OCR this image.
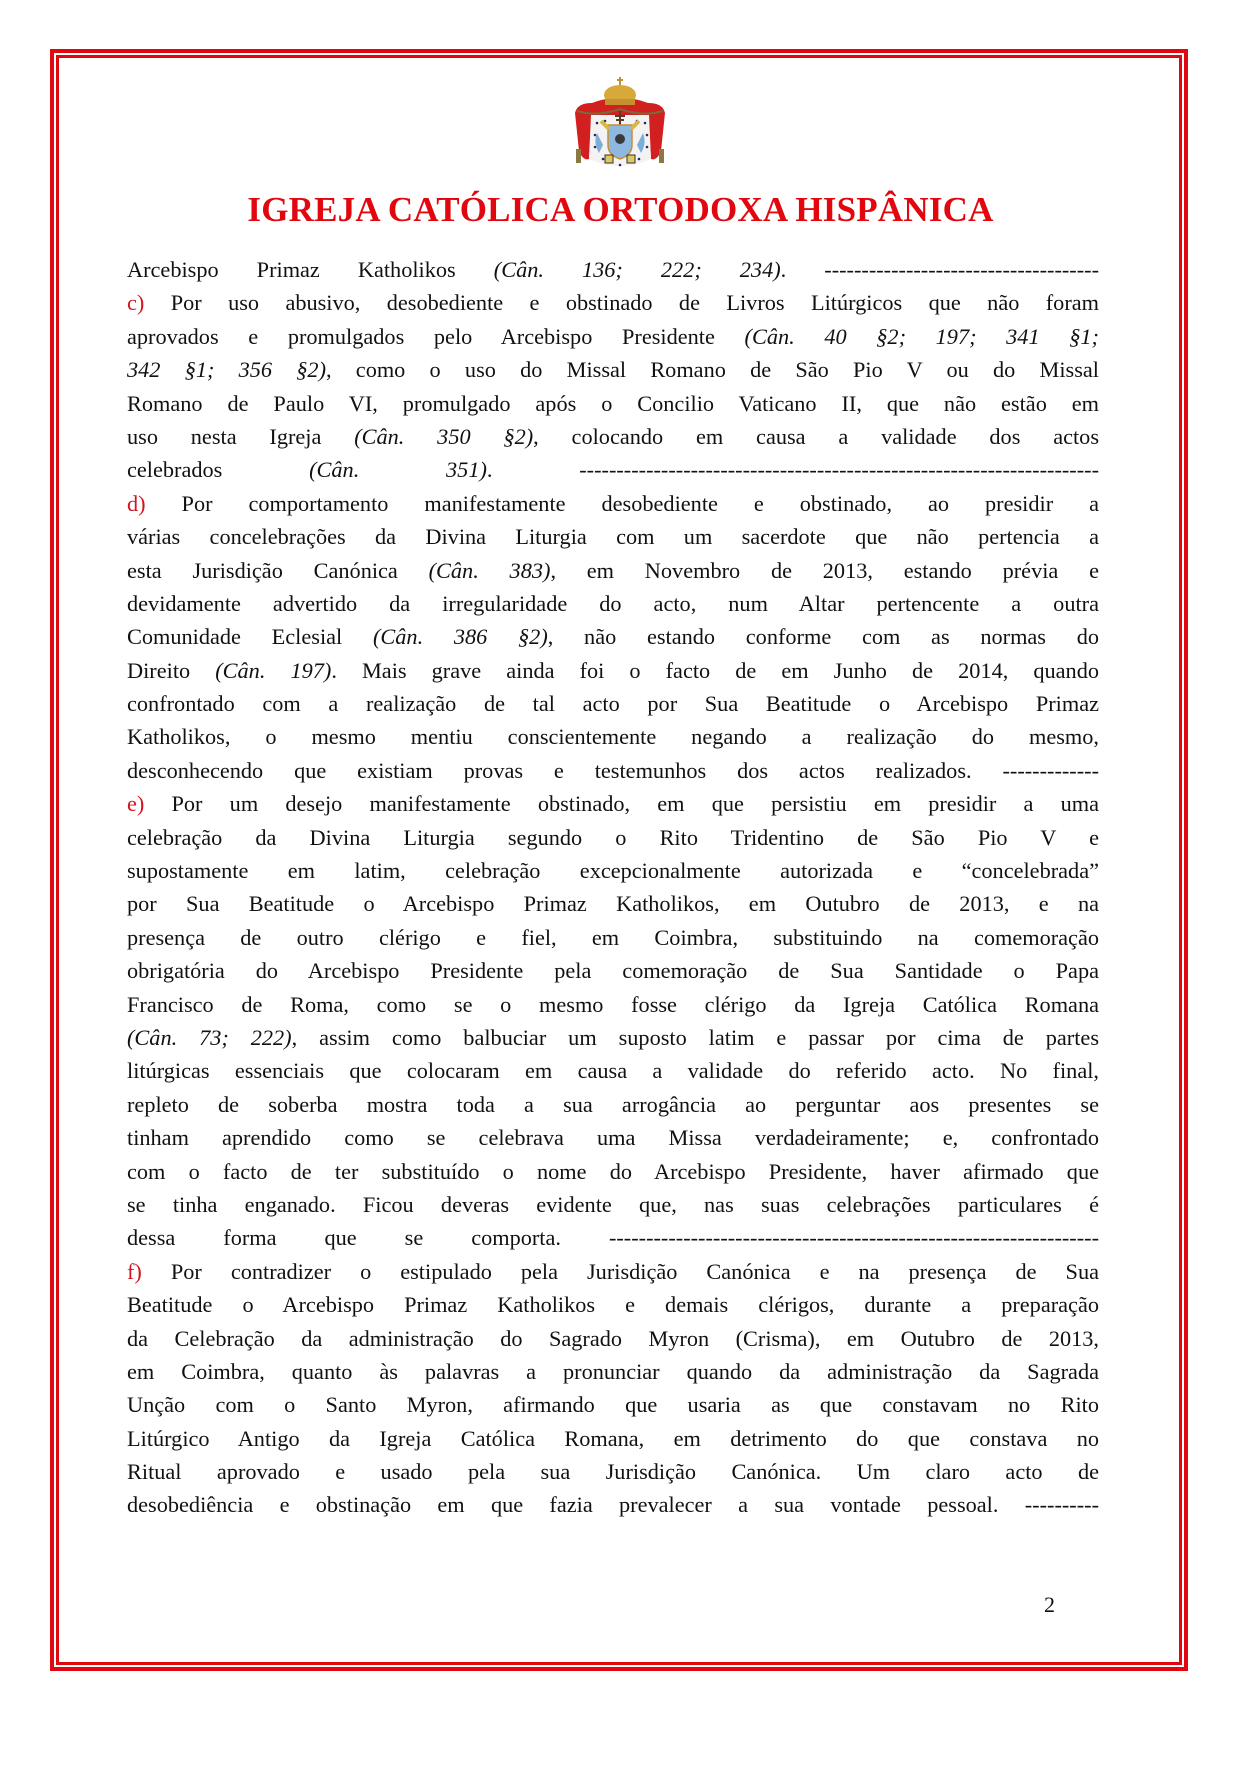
IGREJA CATÓLICA ORTODOXA HISPÂNICA
Arcebispo Primaz Katholikos (Cân. 136; 222; 234). -------------------------------------
c) Por uso abusivo, desobediente e obstinado de Livros Litúrgicos que não foram
aprovados e promulgados pelo Arcebispo Presidente (Cân. 40 §2; 197; 341 §1;
342 §1; 356 §2), como o uso do Missal Romano de São Pio V ou do Missal
Romano de Paulo VI, promulgado após o Concilio Vaticano II, que não estão em
uso nesta Igreja (Cân. 350 §2), colocando em causa a validade dos actos
celebrados (Cân. 351). ----------------------------------------------------------------------
d) Por comportamento manifestamente desobediente e obstinado, ao presidir a
várias concelebrações da Divina Liturgia com um sacerdote que não pertencia a
esta Jurisdição Canónica (Cân. 383), em Novembro de 2013, estando prévia e
devidamente advertido da irregularidade do acto, num Altar pertencente a outra
Comunidade Eclesial (Cân. 386 §2), não estando conforme com as normas do
Direito (Cân. 197). Mais grave ainda foi o facto de em Junho de 2014, quando
confrontado com a realização de tal acto por Sua Beatitude o Arcebispo Primaz
Katholikos, o mesmo mentiu conscientemente negando a realização do mesmo,
desconhecendo que existiam provas e testemunhos dos actos realizados. -------------
e) Por um desejo manifestamente obstinado, em que persistiu em presidir a uma
celebração da Divina Liturgia segundo o Rito Tridentino de São Pio V e
supostamente em latim, celebração excepcionalmente autorizada e “concelebrada”
por Sua Beatitude o Arcebispo Primaz Katholikos, em Outubro de 2013, e na
presença de outro clérigo e fiel, em Coimbra, substituindo na comemoração
obrigatória do Arcebispo Presidente pela comemoração de Sua Santidade o Papa
Francisco de Roma, como se o mesmo fosse clérigo da Igreja Católica Romana
(Cân. 73; 222), assim como balbuciar um suposto latim e passar por cima de partes
litúrgicas essenciais que colocaram em causa a validade do referido acto. No final,
repleto de soberba mostra toda a sua arrogância ao perguntar aos presentes se
tinham aprendido como se celebrava uma Missa verdadeiramente; e, confrontado
com o facto de ter substituído o nome do Arcebispo Presidente, haver afirmado que
se tinha enganado. Ficou deveras evidente que, nas suas celebrações particulares é
dessa forma que se comporta. ------------------------------------------------------------------
f) Por contradizer o estipulado pela Jurisdição Canónica e na presença de Sua
Beatitude o Arcebispo Primaz Katholikos e demais clérigos, durante a preparação
da Celebração da administração do Sagrado Myron (Crisma), em Outubro de 2013,
em Coimbra, quanto às palavras a pronunciar quando da administração da Sagrada
Unção com o Santo Myron, afirmando que usaria as que constavam no Rito
Litúrgico Antigo da Igreja Católica Romana, em detrimento do que constava no
Ritual aprovado e usado pela sua Jurisdição Canónica. Um claro acto de
desobediência e obstinação em que fazia prevalecer a sua vontade pessoal. ----------
2
